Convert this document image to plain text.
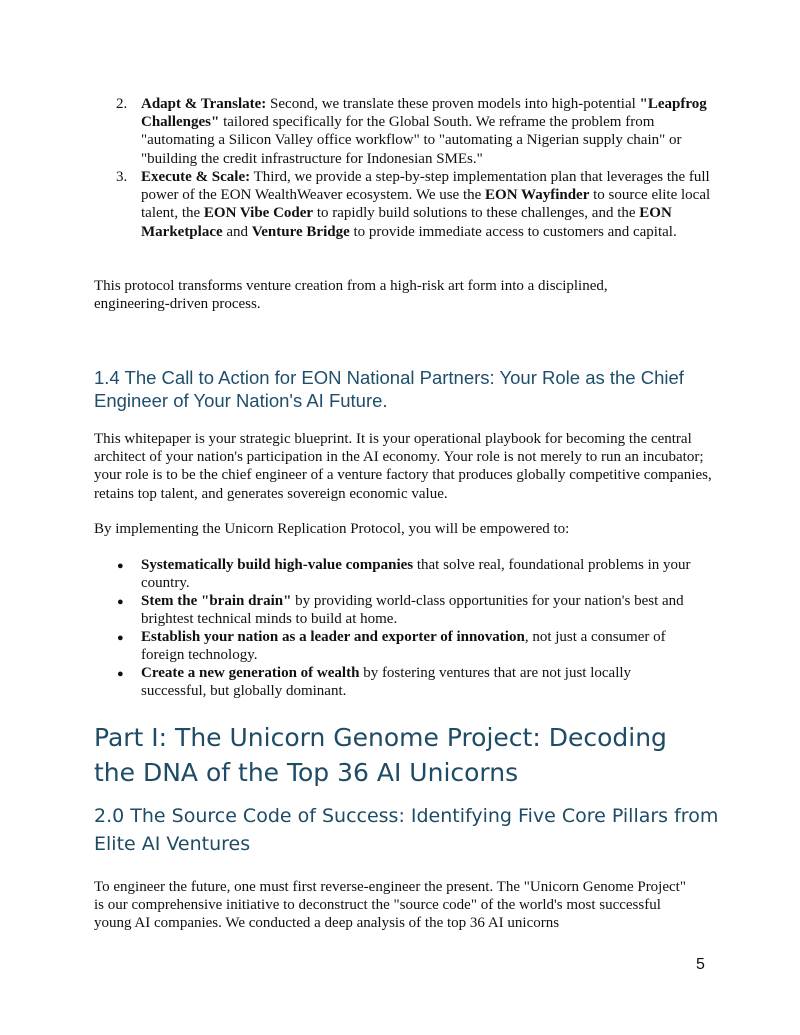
2. Adapt & Translate: Second, we translate these proven models into high-potential "Leapfrog Challenges" tailored specifically for the Global South. We reframe the problem from "automating a Silicon Valley office workflow" to "automating a Nigerian supply chain" or "building the credit infrastructure for Indonesian SMEs."

3. Execute & Scale: Third, we provide a step-by-step implementation plan that leverages the full power of the EON WealthWeaver ecosystem. We use the EON Wayfinder to source elite local talent, the EON Vibe Coder to rapidly build solutions to these challenges, and the EON Marketplace and Venture Bridge to provide immediate access to customers and capital.

This protocol transforms venture creation from a high-risk art form into a disciplined, engineering-driven process.

1.4 The Call to Action for EON National Partners: Your Role as the Chief Engineer of Your Nation's AI Future.

This whitepaper is your strategic blueprint. It is your operational playbook for becoming the central architect of your nation's participation in the AI economy. Your role is not merely to run an incubator; your role is to be the chief engineer of a venture factory that produces globally competitive companies, retains top talent, and generates sovereign economic value.

By implementing the Unicorn Replication Protocol, you will be empowered to:

● Systematically build high-value companies that solve real, foundational problems in your country.

● Stem the "brain drain" by providing world-class opportunities for your nation's best and brightest technical minds to build at home.

● Establish your nation as a leader and exporter of innovation, not just a consumer of foreign technology.

● Create a new generation of wealth by fostering ventures that are not just locally successful, but globally dominant.

Part I: The Unicorn Genome Project: Decoding the DNA of the Top 36 AI Unicorns
2.0 The Source Code of Success: Identifying Five Core Pillars from Elite AI Ventures

To engineer the future, one must first reverse-engineer the present. The "Unicorn Genome Project" is our comprehensive initiative to deconstruct the "source code" of the world's most successful young AI companies. We conducted a deep analysis of the top 36 AI unicorns

5
